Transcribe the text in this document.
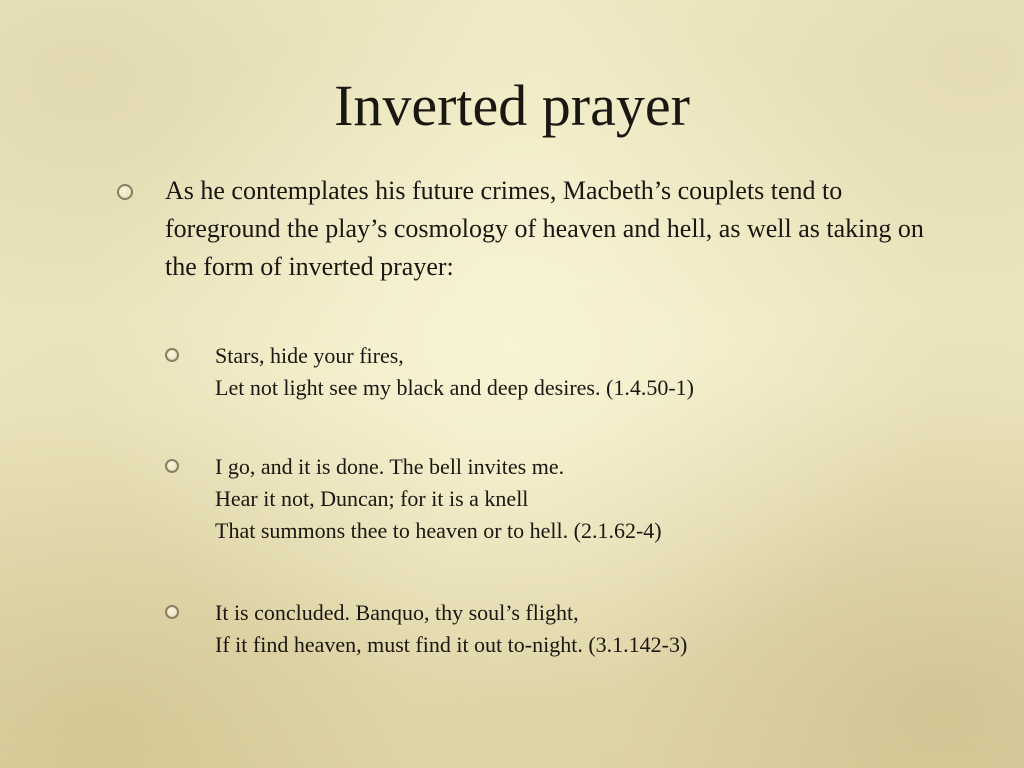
Inverted prayer
As he contemplates his future crimes, Macbeth’s couplets tend to foreground the play’s cosmology of heaven and hell, as well as taking on the form of inverted prayer:
Stars, hide your fires,
Let not light see my black and deep desires. (1.4.50-1)
I go, and it is done. The bell invites me.
Hear it not, Duncan; for it is a knell
That summons thee to heaven or to hell. (2.1.62-4)
It is concluded. Banquo, thy soul’s flight,
If it find heaven, must find it out to-night. (3.1.142-3)
